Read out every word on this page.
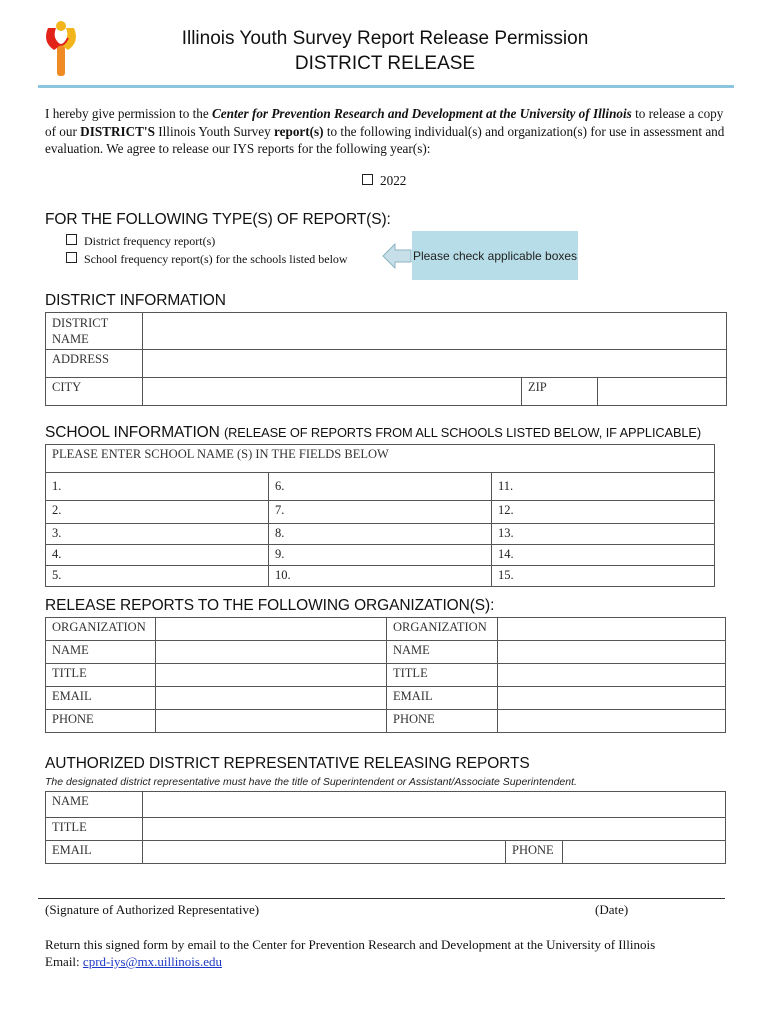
Illinois Youth Survey Report Release Permission
DISTRICT RELEASE
I hereby give permission to the Center for Prevention Research and Development at the University of Illinois to release a copy of our DISTRICT'S Illinois Youth Survey report(s) to the following individual(s) and organization(s) for use in assessment and evaluation. We agree to release our IYS reports for the following year(s):
2022
FOR THE FOLLOWING TYPE(S) OF REPORT(S):
District frequency report(s)
School frequency report(s) for the schools listed below	Please check applicable boxes
DISTRICT INFORMATION
DISTRICT NAME			
ADDRESS			
CITY		ZIP	
SCHOOL INFORMATION (RELEASE OF REPORTS FROM ALL SCHOOLS LISTED BELOW, IF APPLICABLE)
PLEASE ENTER SCHOOL NAME (S) IN THE FIELDS BELOW		
1.	6.	11.
2.	7.	12.
3.	8.	13.
4.	9.	14.
5.	10.	15.
RELEASE REPORTS TO THE FOLLOWING ORGANIZATION(S):
ORGANIZATION		ORGANIZATION	
NAME		NAME	
TITLE		TITLE	
EMAIL		EMAIL	
PHONE		PHONE	
AUTHORIZED DISTRICT REPRESENTATIVE RELEASING REPORTS
The designated district representative must have the title of Superintendent or Assistant/Associate Superintendent.
NAME			
TITLE			
EMAIL		PHONE	
(Signature of Authorized Representative)	(Date)
Return this signed form by email to the Center for Prevention Research and Development at the University of Illinois
Email: cprd-iys@mx.uillinois.edu
